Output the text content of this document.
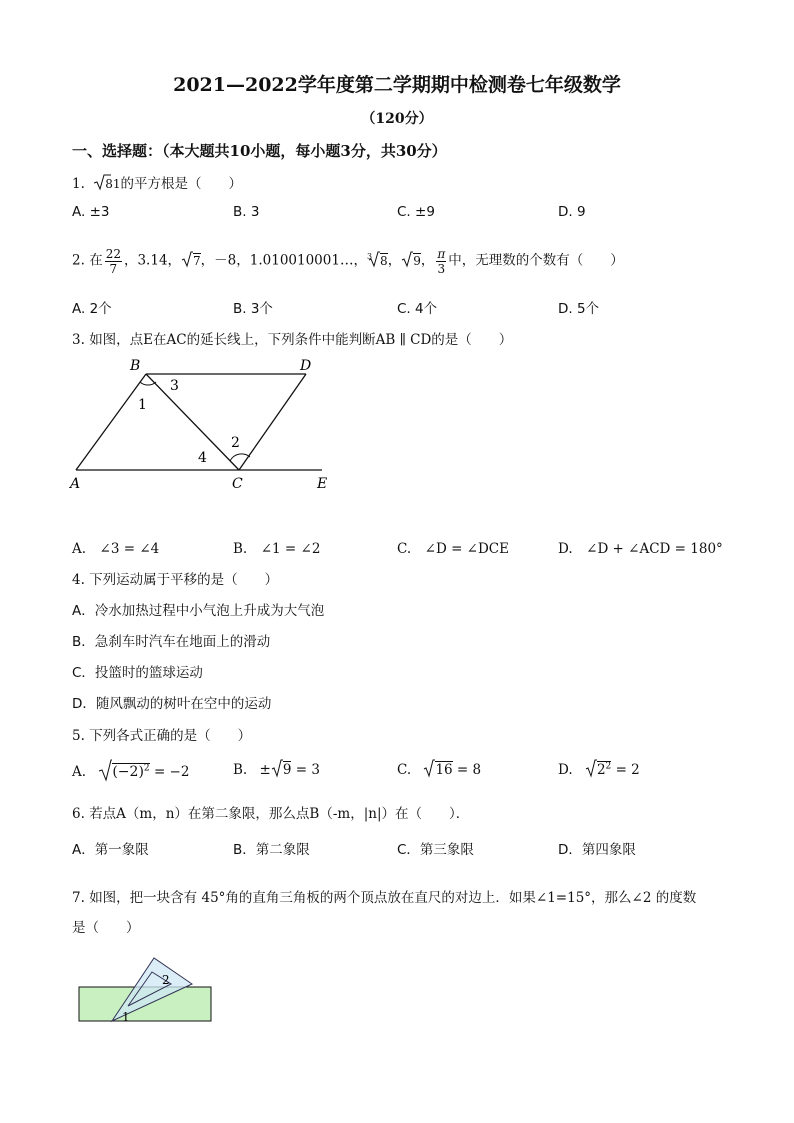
2021—2022学年度第二学期期中检测卷七年级数学
（120分）
一、选择题：（本大题共10小题，每小题3分，共30分）
1. 81的平方根是（　　）
A. ±3	B. 3	C. ±9	D. 9
2. 在 $\frac{22}{7}$ ，3.14， 7，－8，1.010010001…，$^3$ 8， 9， $\frac{\pi}{3}$ 中，无理数的个数有（　　）
A. 2个	B. 3个	C. 4个	D. 5个
3. 如图，点E在AC的延长线上，下列条件中能判断AB ∥ CD的是（　　）
B	D
A	C	E
1
2
3
4
A.　∠3 = ∠4	B.　∠1 = ∠2	C.　∠D = ∠DCE	D.　∠D + ∠ACD = 180°
4. 下列运动属于平移的是（　　）
A．冷水加热过程中小气泡上升成为大气泡
B．急刹车时汽车在地面上的滑动
C．投篮时的篮球运动
D．随风飘动的树叶在空中的运动
5. 下列各式正确的是（　　）
A. $(-2)^2 = -2$	B. ± 9 = 3	C. 16 = 8	D. $2^2 = 2$
6. 若点A（m，n）在第二象限，那么点B（-m，|n|）在（　　）．
A．第一象限	B．第二象限	C．第三象限	D．第四象限
7. 如图，把一块含有 45°角的直角三角板的两个顶点放在直尺的对边上．如果∠1=15°，那么∠2 的度数
是（　　）
2
1
